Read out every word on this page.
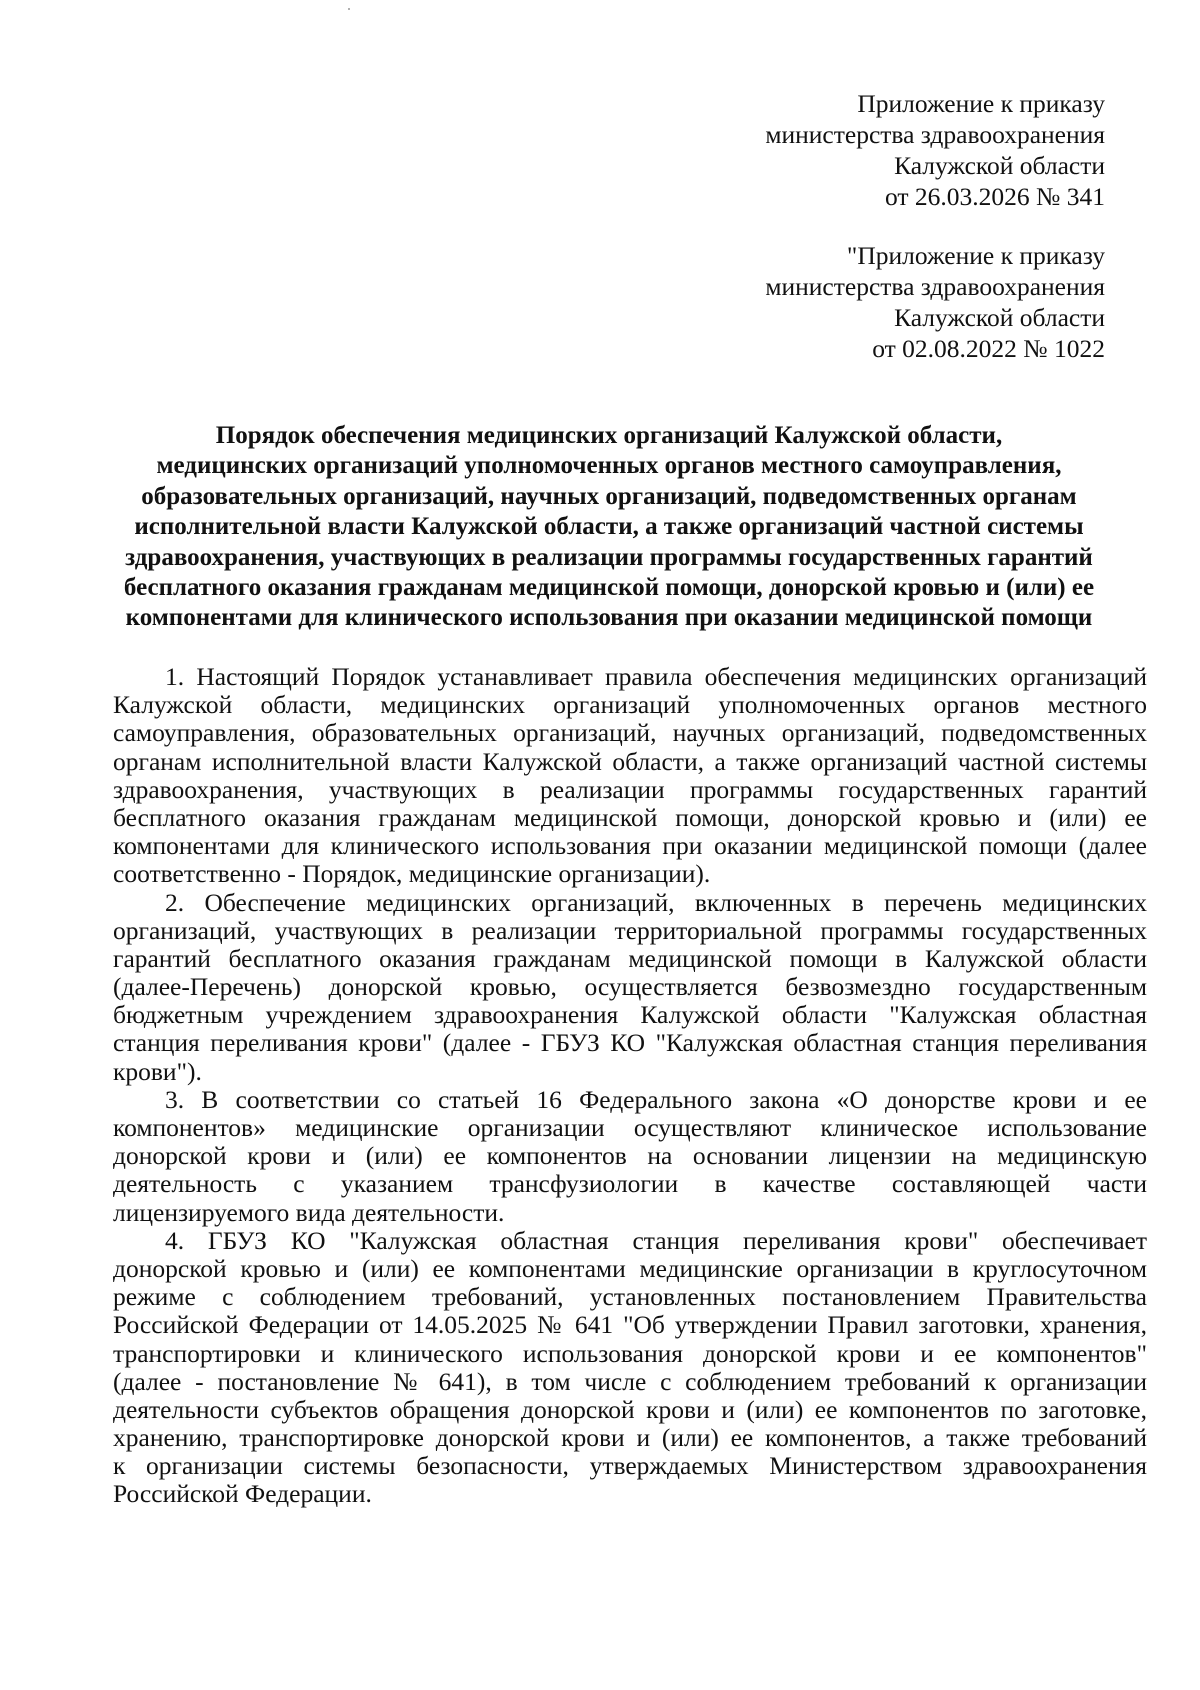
Приложение к приказу
министерства здравоохранения
Калужской области
от 26.03.2026 № 341
"Приложение к приказу
министерства здравоохранения
Калужской области
от 02.08.2022 № 1022
Порядок обеспечения медицинских организаций Калужской области,
медицинских организаций уполномоченных органов местного самоуправления,
образовательных организаций, научных организаций, подведомственных органам
исполнительной власти Калужской области, а также организаций частной системы
здравоохранения, участвующих в реализации программы государственных гарантий
бесплатного оказания гражданам медицинской помощи, донорской кровью и (или) ее
компонентами для клинического использования при оказании медицинской помощи
1. Настоящий Порядок устанавливает правила обеспечения медицинских организаций
Калужской области, медицинских организаций уполномоченных органов местного
самоуправления, образовательных организаций, научных организаций, подведомственных
органам исполнительной власти Калужской области, а также организаций частной системы
здравоохранения, участвующих в реализации программы государственных гарантий
бесплатного оказания гражданам медицинской помощи, донорской кровью и (или) ее
компонентами для клинического использования при оказании медицинской помощи (далее
соответственно - Порядок, медицинские организации).
2. Обеспечение медицинских организаций, включенных в перечень медицинских
организаций, участвующих в реализации территориальной программы государственных
гарантий бесплатного оказания гражданам медицинской помощи в Калужской области
(далее-Перечень) донорской кровью, осуществляется безвозмездно государственным
бюджетным учреждением здравоохранения Калужской области "Калужская областная
станция переливания крови" (далее - ГБУЗ КО "Калужская областная станция переливания
крови").
3. В соответствии со статьей 16 Федерального закона «О донорстве крови и ее
компонентов» медицинские организации осуществляют клиническое использование
донорской крови и (или) ее компонентов на основании лицензии на медицинскую
деятельность с указанием трансфузиологии в качестве составляющей части
лицензируемого вида деятельности.
4. ГБУЗ КО "Калужская областная станция переливания крови" обеспечивает
донорской кровью и (или) ее компонентами медицинские организации в круглосуточном
режиме с соблюдением требований, установленных постановлением Правительства
Российской Федерации от 14.05.2025 № 641 "Об утверждении Правил заготовки, хранения,
транспортировки и клинического использования донорской крови и ее компонентов"
(далее - постановление № 641), в том числе с соблюдением требований к организации
деятельности субъектов обращения донорской крови и (или) ее компонентов по заготовке,
хранению, транспортировке донорской крови и (или) ее компонентов, а также требований
к организации системы безопасности, утверждаемых Министерством здравоохранения
Российской Федерации.
